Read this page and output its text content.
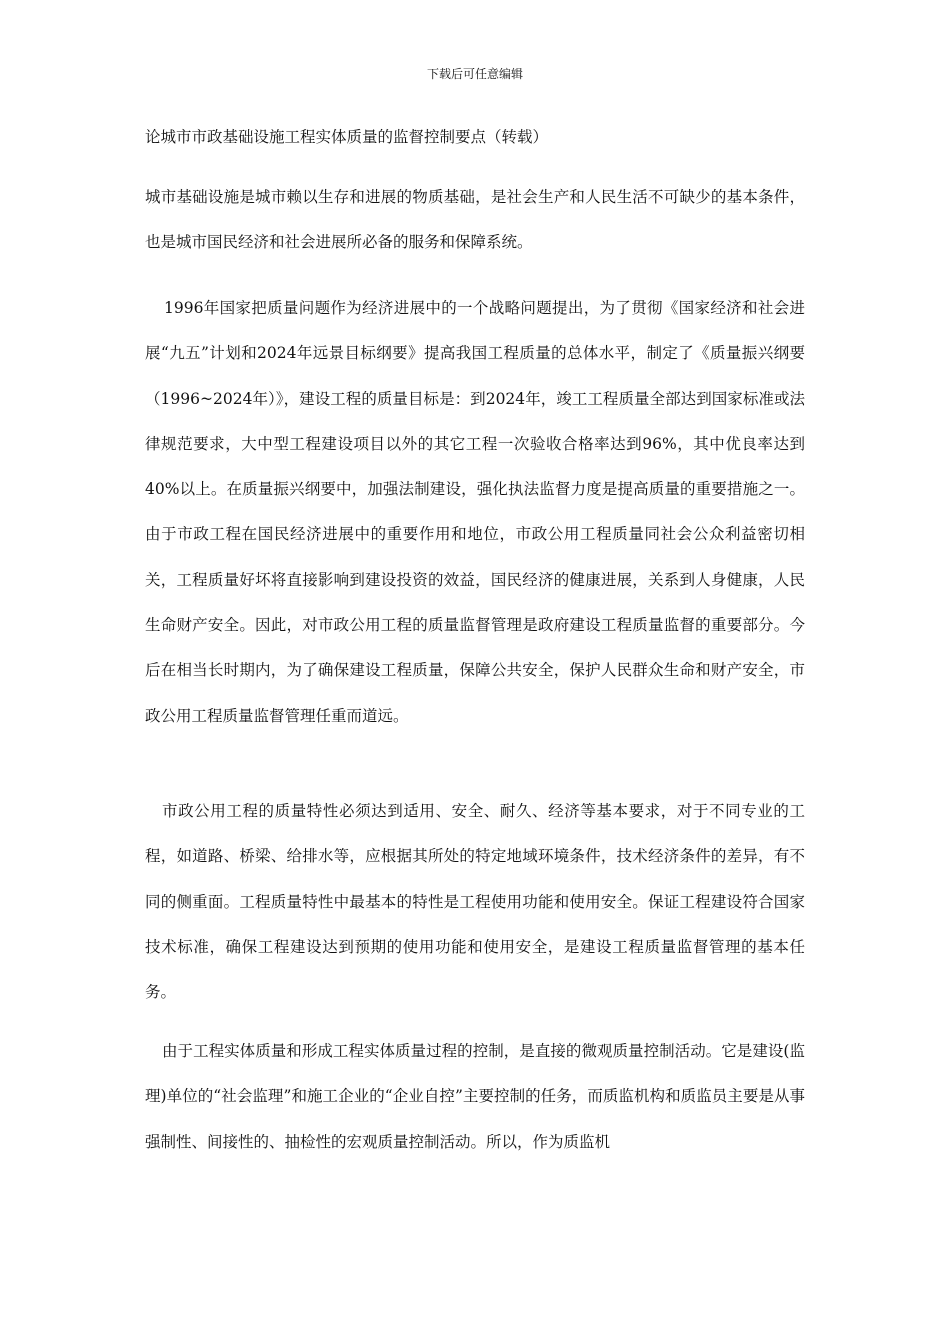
下载后可任意编辑
论城市市政基础设施工程实体质量的监督控制要点（转载）

城市基础设施是城市赖以生存和进展的物质基础，是社会生产和人民生活不可缺少的基本条件，也是城市国民经济和社会进展所必备的服务和保障系统。

1996年国家把质量问题作为经济进展中的一个战略问题提出，为了贯彻《国家经济和社会进展“九五”计划和2024年远景目标纲要》提高我国工程质量的总体水平，制定了《质量振兴纲要（1996~2024年）》，建设工程的质量目标是：到2024年，竣工工程质量全部达到国家标准或法律规范要求，大中型工程建设项目以外的其它工程一次验收合格率达到96%，其中优良率达到40%以上。在质量振兴纲要中，加强法制建设，强化执法监督力度是提高质量的重要措施之一。由于市政工程在国民经济进展中的重要作用和地位，市政公用工程质量同社会公众利益密切相关，工程质量好坏将直接影响到建设投资的效益，国民经济的健康进展，关系到人身健康，人民生命财产安全。因此，对市政公用工程的质量监督管理是政府建设工程质量监督的重要部分。今后在相当长时期内，为了确保建设工程质量，保障公共安全，保护人民群众生命和财产安全，市政公用工程质量监督管理任重而道远。

市政公用工程的质量特性必须达到适用、安全、耐久、经济等基本要求，对于不同专业的工程，如道路、桥梁、给排水等，应根据其所处的特定地域环境条件，技术经济条件的差异，有不同的侧重面。工程质量特性中最基本的特性是工程使用功能和使用安全。保证工程建设符合国家技术标准，确保工程建设达到预期的使用功能和使用安全，是建设工程质量监督管理的基本任务。

由于工程实体质量和形成工程实体质量过程的控制，是直接的微观质量控制活动。它是建设(监理)单位的“社会监理”和施工企业的“企业自控”主要控制的任务，而质监机构和质监员主要是从事强制性、间接性的、抽检性的宏观质量控制活动。所以，作为质监机
